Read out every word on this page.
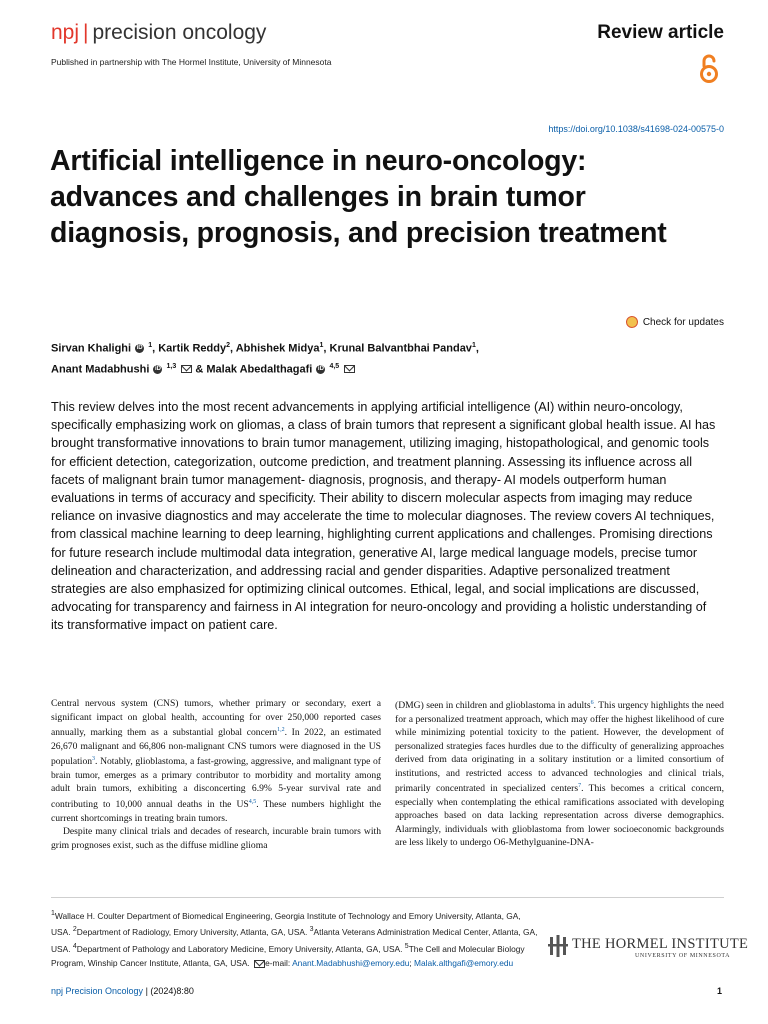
npj | precision oncology	Review article
Published in partnership with The Hormel Institute, University of Minnesota
https://doi.org/10.1038/s41698-024-00575-0
Artificial intelligence in neuro-oncology: advances and challenges in brain tumor diagnosis, prognosis, and precision treatment
Check for updates
Sirvan Khalighi iD $^1$, Kartik Reddy$^2$, Abhishek Midya$^1$, Krunal Balvantbhai Pandav$^1$,
Anant Madabhushi iD $^{1,3}$ & Malak Abedalthagafi iD $^{4,5}$
This review delves into the most recent advancements in applying artificial intelligence (AI) within neuro-oncology, specifically emphasizing work on gliomas, a class of brain tumors that represent a significant global health issue. AI has brought transformative innovations to brain tumor management, utilizing imaging, histopathological, and genomic tools for efficient detection, categorization, outcome prediction, and treatment planning. Assessing its influence across all facets of malignant brain tumor management- diagnosis, prognosis, and therapy- AI models outperform human evaluations in terms of accuracy and specificity. Their ability to discern molecular aspects from imaging may reduce reliance on invasive diagnostics and may accelerate the time to molecular diagnoses. The review covers AI techniques, from classical machine learning to deep learning, highlighting current applications and challenges. Promising directions for future research include multimodal data integration, generative AI, large medical language models, precise tumor delineation and characterization, and addressing racial and gender disparities. Adaptive personalized treatment strategies are also emphasized for optimizing clinical outcomes. Ethical, legal, and social implications are discussed, advocating for transparency and fairness in AI integration for neuro-oncology and providing a holistic understanding of its transformative impact on patient care.

Central nervous system (CNS) tumors, whether primary or secondary, exert a significant impact on global health, accounting for over 250,000 reported cases annually, marking them as a substantial global concern$^{1,2}$. In 2022, an estimated 26,670 malignant and 66,806 non-malignant CNS tumors were diagnosed in the US population$^3$. Notably, glioblastoma, a fast-growing, aggressive, and malignant type of brain tumor, emerges as a primary contributor to morbidity and mortality among adult brain tumors, exhibiting a disconcerting 6.9% 5-year survival rate and contributing to 10,000 annual deaths in the US$^{4,5}$. These numbers highlight the current shortcomings in treating brain tumors.

Despite many clinical trials and decades of research, incurable brain tumors with grim prognoses exist, such as the diffuse midline glioma

(DMG) seen in children and glioblastoma in adults$^6$. This urgency highlights the need for a personalized treatment approach, which may offer the highest likelihood of cure while minimizing potential toxicity to the patient. However, the development of personalized strategies faces hurdles due to the difficulty of generalizing approaches derived from data originating in a solitary institution or a limited consortium of institutions, and restricted access to advanced technologies and clinical trials, primarily concentrated in specialized centers$^7$. This becomes a critical concern, especially when contemplating the ethical ramifications associated with developing approaches based on data lacking representation across diverse demographics. Alarmingly, individuals with glioblastoma from lower socioeconomic backgrounds are less likely to undergo O6-Methylguanine-DNA-

$^1$Wallace H. Coulter Department of Biomedical Engineering, Georgia Institute of Technology and Emory University, Atlanta, GA, USA. $^2$Department of Radiology, Emory University, Atlanta, GA, USA. $^3$Atlanta Veterans Administration Medical Center, Atlanta, GA, USA. $^4$Department of Pathology and Laboratory Medicine, Emory University, Atlanta, GA, USA. $^5$The Cell and Molecular Biology Program, Winship Cancer Institute, Atlanta, GA, USA. e-mail: Anant.Madabhushi@emory.edu; Malak.althgafi@emory.edu
THE HORMEL INSTITUTE
UNIVERSITY OF MINNESOTA
npj Precision Oncology | (2024)8:80	1
